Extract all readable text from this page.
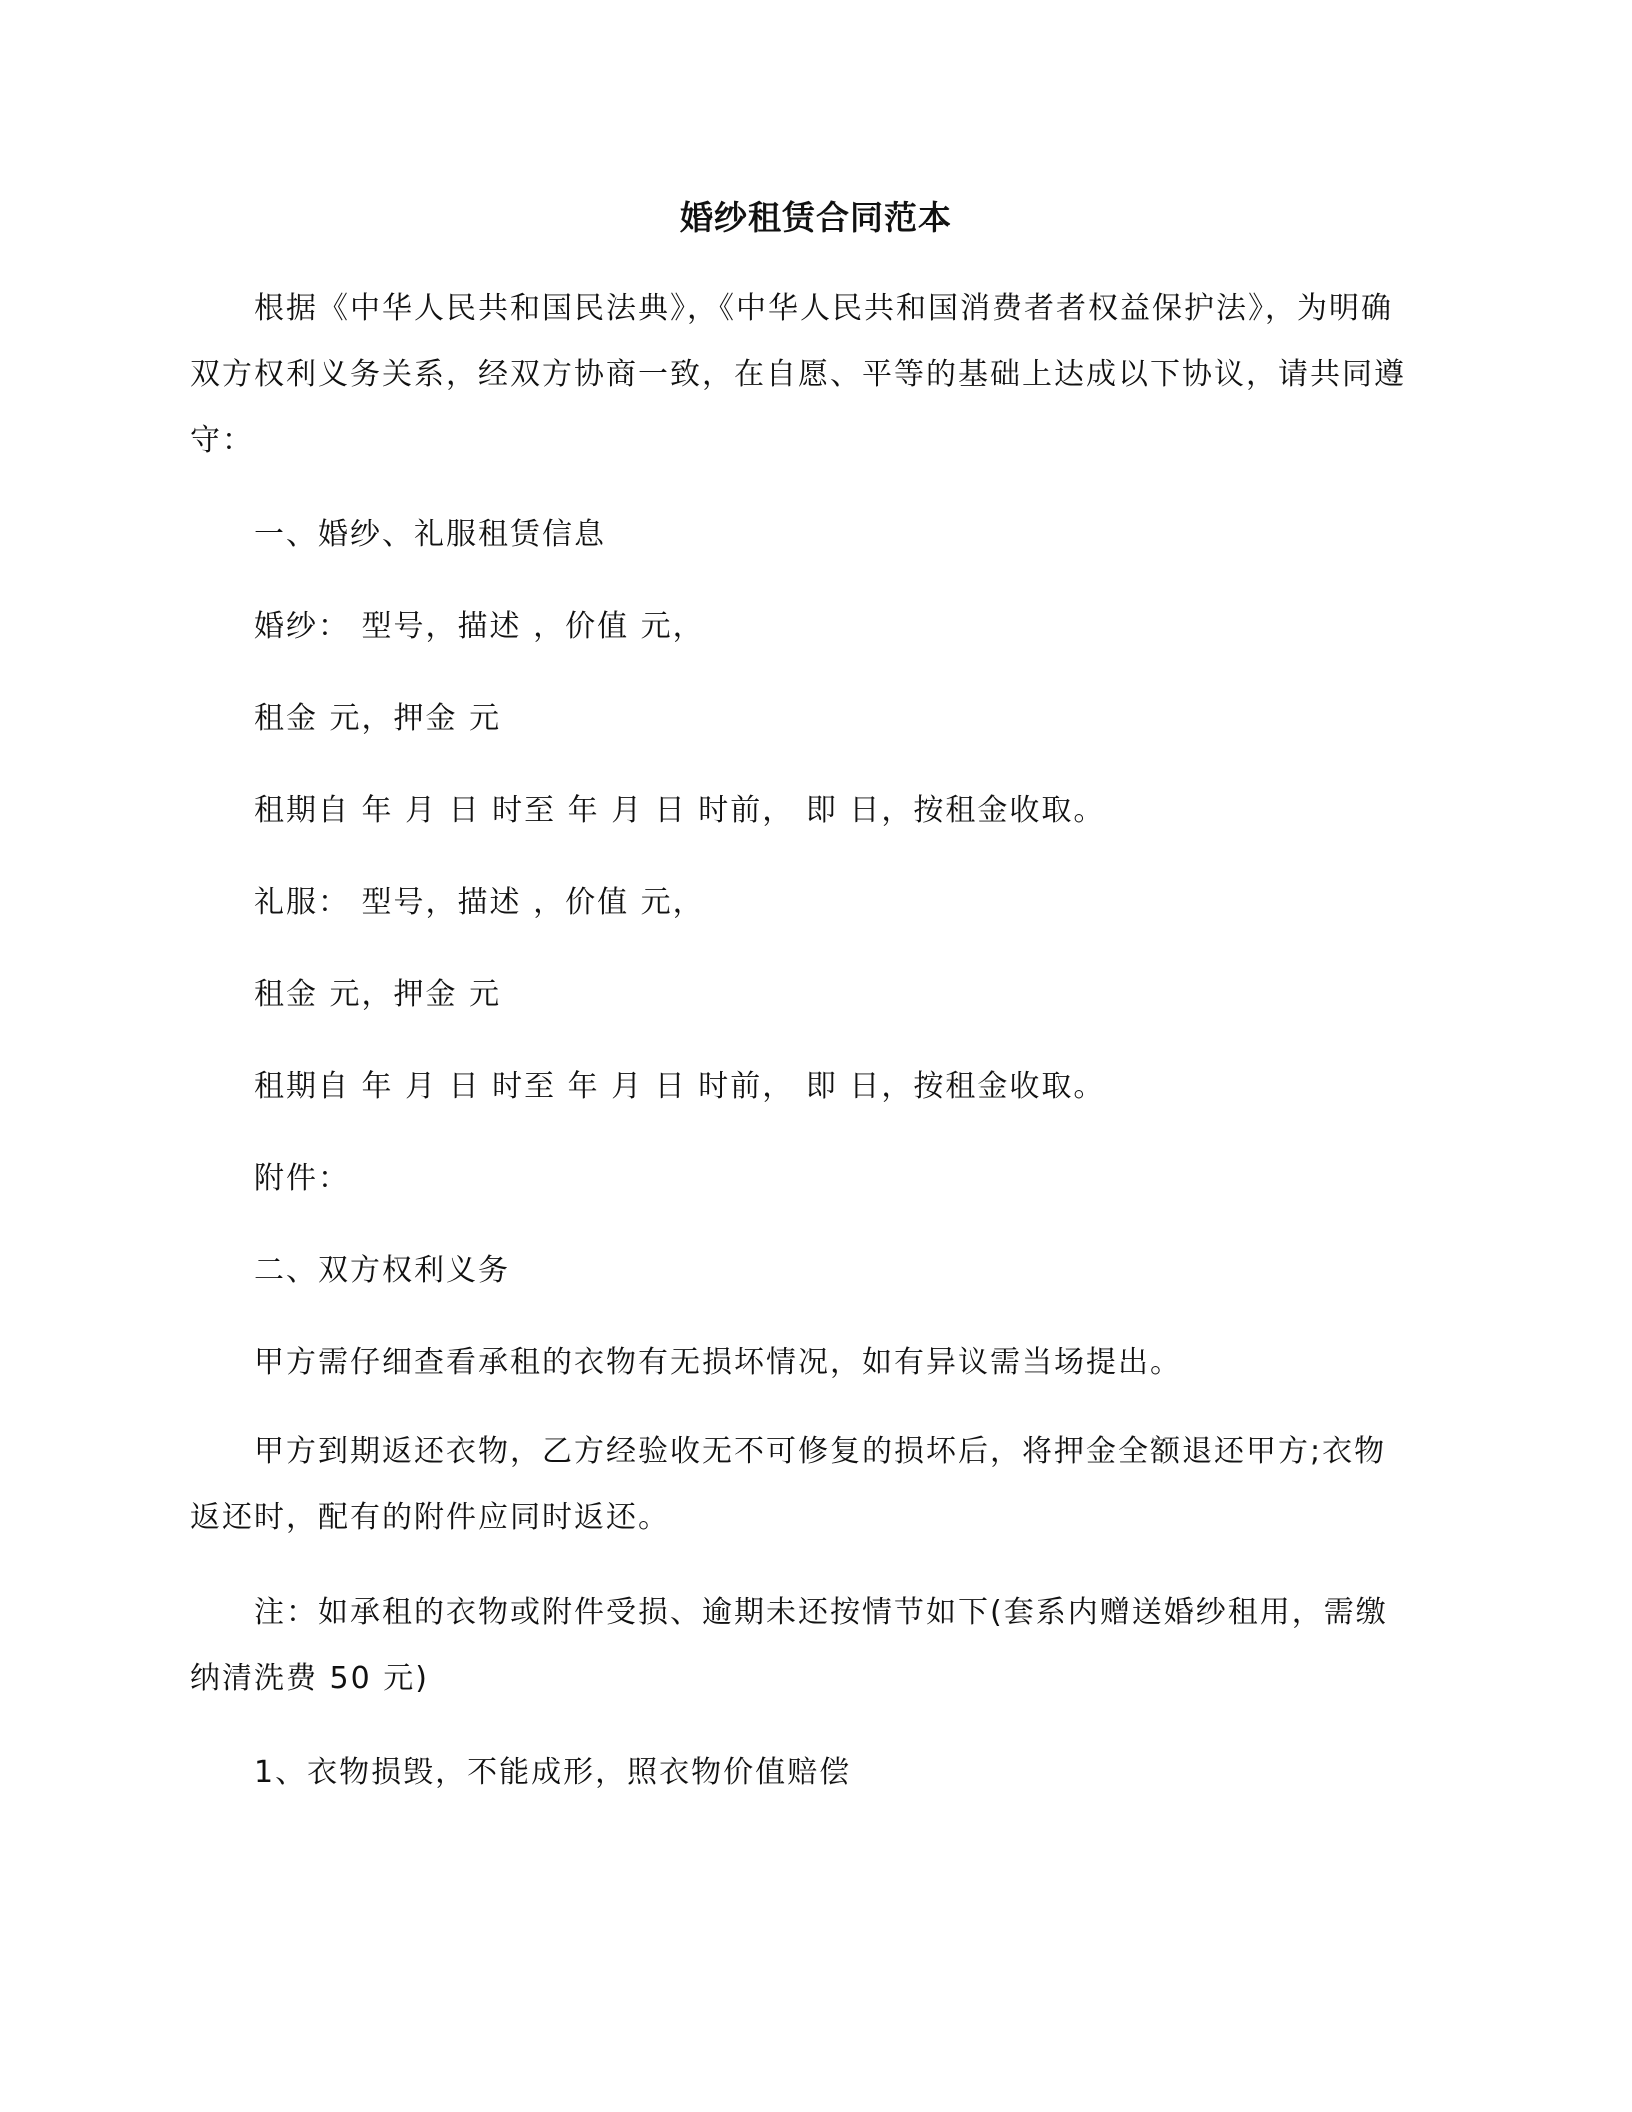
婚纱租赁合同范本

根据《中华人民共和国民法典》，《中华人民共和国消费者者权益保护法》，为明确双方权利义务关系，经双方协商一致，在自愿、平等的基础上达成以下协议，请共同遵守：

一、婚纱、礼服租赁信息

婚纱： 型号，描述 ，价值 元，

租金 元，押金 元

租期自 年 月 日 时至 年 月 日 时前， 即 日，按租金收取。

礼服： 型号，描述 ，价值 元，

租金 元，押金 元

租期自 年 月 日 时至 年 月 日 时前， 即 日，按租金收取。

附件：

二、双方权利义务

甲方需仔细查看承租的衣物有无损坏情况，如有异议需当场提出。

甲方到期返还衣物，乙方经验收无不可修复的损坏后，将押金全额退还甲方;衣物返还时，配有的附件应同时返还。

注：如承租的衣物或附件受损、逾期未还按情节如下(套系内赠送婚纱租用，需缴纳清洗费 50 元)

1、衣物损毁，不能成形，照衣物价值赔偿
